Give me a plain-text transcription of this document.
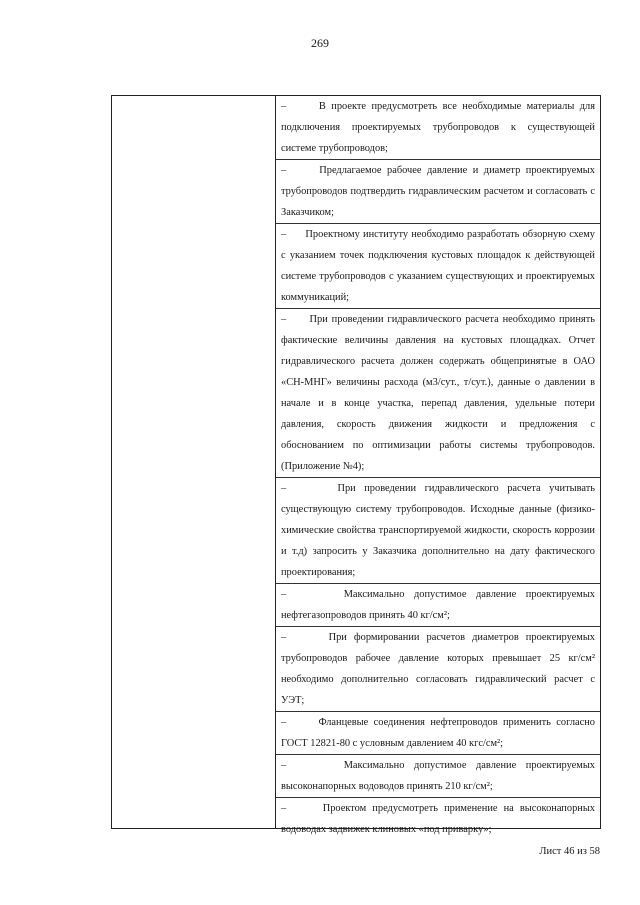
269
–      В проекте предусмотреть все необходимые материалы для подключения проектируемых трубопроводов к существующей системе трубопроводов;
–      Предлагаемое рабочее давление и диаметр проектируемых трубопроводов подтвердить гидравлическим расчетом и согласовать с Заказчиком;
–      Проектному институту необходимо разработать обзорную схему с указанием точек подключения кустовых площадок к действующей системе трубопроводов с указанием существующих и проектируемых коммуникаций;
–      При проведении гидравлического расчета необходимо принять фактические величины давления на кустовых площадках. Отчет гидравлического расчета должен содержать общепринятые в ОАО «СН-МНГ» величины расхода (м3/сут., т/сут.), данные о давлении в начале и в конце участка, перепад давления, удельные потери давления, скорость движения жидкости и предложения с обоснованием по оптимизации работы системы трубопроводов. (Приложение №4);
–      При проведении гидравлического расчета учитывать существующую систему трубопроводов. Исходные данные (физико-химические свойства транспортируемой жидкости, скорость коррозии и т.д) запросить у Заказчика дополнительно на дату фактического проектирования;
–      Максимально допустимое давление проектируемых нефтегазопроводов принять 40 кг/см²;
–      При формировании расчетов диаметров проектируемых трубопроводов рабочее давление которых превышает 25 кг/см² необходимо дополнительно согласовать гидравлический расчет с УЭТ;
–      Фланцевые соединения нефтепроводов применить согласно ГОСТ 12821-80 с условным давлением 40 кгс/см²;
–      Максимально допустимое давление проектируемых высоконапорных водоводов принять 210 кг/см²;
–      Проектом предусмотреть применение на высоконапорных водоводах задвижек клиновых «под приварку»;
Лист 46 из 58
